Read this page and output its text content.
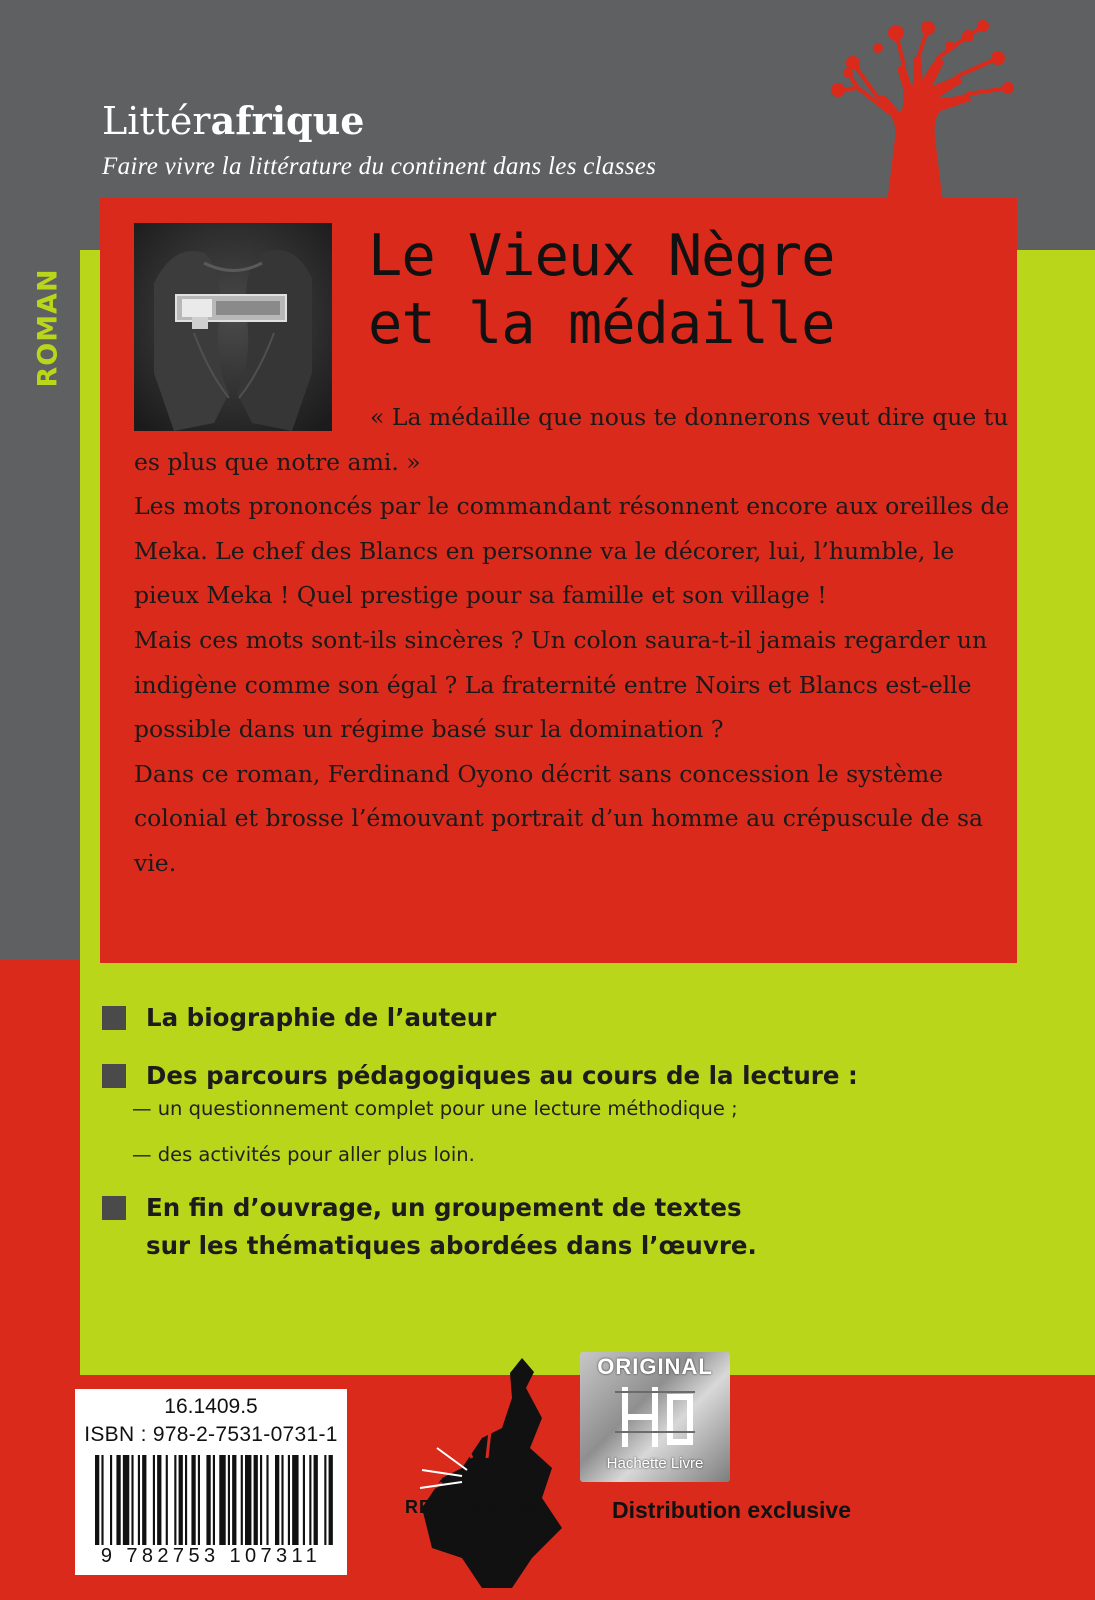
Littérafrique
Faire vivre la littérature du continent dans les classes
ROMAN
Le Vieux Nègre
et la médaille

« La médaille que nous te donnerons veut dire que tu es plus que notre ami. »

Les mots prononcés par le commandant résonnent encore aux oreilles de Meka. Le chef des Blancs en personne va le décorer, lui, l’humble, le pieux Meka ! Quel prestige pour sa famille et son village !

Mais ces mots sont-ils sincères ? Un colon saura-t-il jamais regarder un indigène comme son égal ? La fraternité entre Noirs et Blancs est-elle possible dans un régime basé sur la domination ?

Dans ce roman, Ferdinand Oyono décrit sans concession le système colonial et brosse l’émouvant portrait d’un homme au crépuscule de sa vie.

La biographie de l’auteur
Des parcours pédagogiques au cours de la lecture :
— un questionnement complet pour une lecture méthodique ;
— des activités pour aller plus loin.
En fin d’ouvrage, un groupement de textes
sur les thématiques abordées dans l’œuvre.
16.1409.5
ISBN : 978-2-7531-0731-1
9 782753 107311
REPRODICAM
ORIGINAL
Hachette Livre
Distribution exclusive
